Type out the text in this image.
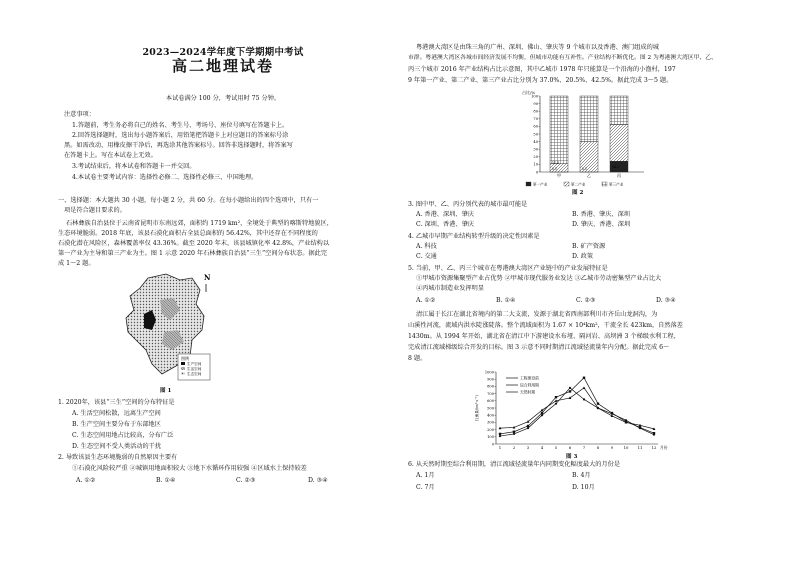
2023—2024学年度下学期期中考试
高二地理试卷
本试卷满分 100 分，考试用时 75 分钟。
注意事项：
1.答题前，考生务必将自己的姓名、考生号、考场号、座位号填写在答题卡上。
2.回答选择题时，选出每小题答案后，用铅笔把答题卡上对应题目的答案标号涂
黑。如需改动，用橡皮擦干净后，再选涂其他答案标号。回答非选择题时，将答案写
在答题卡上。写在本试卷上无效。
3.考试结束后，将本试卷和答题卡一并交回。
4.本试卷主要考试内容：选择性必修二、选择性必修三、中国地理。
一、选择题：本大题共 30 小题，每小题 2 分，共 60 分。在每小题给出的四个选项中，只有一
项是符合题目要求的。
石林彝族自治县位于云南省昆明市东南远郊，面积约 1719 km²，全境处于典型的喀斯特地貌区，
生态环境脆弱。2018 年底，该县石漠化面积占全县总面积的 56.42%，其中还存在不同程度的
石漠化潜在风险区，森林覆盖率仅 43.36%。截至 2020 年末，该县城镇化率 42.8%，产业结构以
第一产业为主导和第三产业为主。图 1 示意 2020 年石林彝族自治县“三生”空间分布状态。据此完
成 1～2 题。
1. 2020年，该县“三生”空间的分布特征是
A. 生活空间松散，远离生产空间
B. 生产空间主要分布于东部地区
C. 生态空间用地占比较高，分布广泛
D. 生态空间不受人类活动的干扰
2. 导致该县生态环境脆弱的自然原因主要有
①石漠化风险较严重 ②城镇用地面积较大 ③地下水循环作用较强 ④区域水土保持较差
A. ①②	B. ①④	C. ②③	D. ③④
N
图例
生产空间
生活空间
生态空间
图 1
粤港澳大湾区是由珠三角的广州、深圳、佛山、肇庆等 9 个城市以及香港、澳门组成的城
市群。粤港澳大湾区各城市间经济发展不均衡，但城市功能有互补性。产业结构不断优化。图 2 为粤港澳大湾区甲、乙、
丙三个城市 2016 年产业结构占比示意图，其中乙城市 1978 年只能算是一个沿海的小渔村，197
9 年第一产业、第二产业、第三产业占比分别为 37.0%、20.5%、42.5%。据此完成 3～5 题。
3. 图中甲、乙、丙分别代表的城市最可能是
A. 香港、深圳、肇庆	B. 香港、肇庆、深圳
C. 深圳、香港、肇庆	D. 肇庆、香港、深圳
4. 乙城市早期产业结构转型升级的决定性因素是
A. 科技	B. 矿产资源
C. 交通	D. 政策
5. 当前，甲、乙、丙三个城市在粤港澳大湾区产业链中的产业发展特征是
①甲城市资源集聚型产业占优势 ②甲城市现代服务业发达 ③乙城市劳动密集型产业占比大
④丙城市制造业发挥明显
A. ①②	B. ①④	C. ②③	D. ③④
清江属于长江在湖北省境内的第二大支流，发源于湖北省西南部利川市齐岳山龙洞沟，为
山溪性河流，流域内洪水陡涨陡落。整个流域面积为 1.67 × 10⁴km²，干流全长 423km，自然落差
1430m。从 1994 年开始，湖北省在清江中下游建设水布垭、隔河岩、高坝洲 3 个梯级水利工程，
完成清江流域梯级综合开发的目标。图 3 示意不同时期清江流域径流量年内分配。据此完成 6～
8 题。
6. 从天然时期至综合利用期，清江流域径流量年内同期变化幅度最大的月份是
A. 1月	B. 4月
C. 7月	D. 10月
占比/%
0
10
20
30
40
50
60
70
80
90
100
甲	乙	丙
第一产业	第二产业	第三产业
0.1
11.5
0.1	14.2
图 2
0
100
200
300
400
500
600
700
800
900
1000
1	2	3	4	5	6	7	8	9	10 11 12 月份
径流量/(m³·s⁻¹)
工程建设前
综合利用期
天然时期
图 3
